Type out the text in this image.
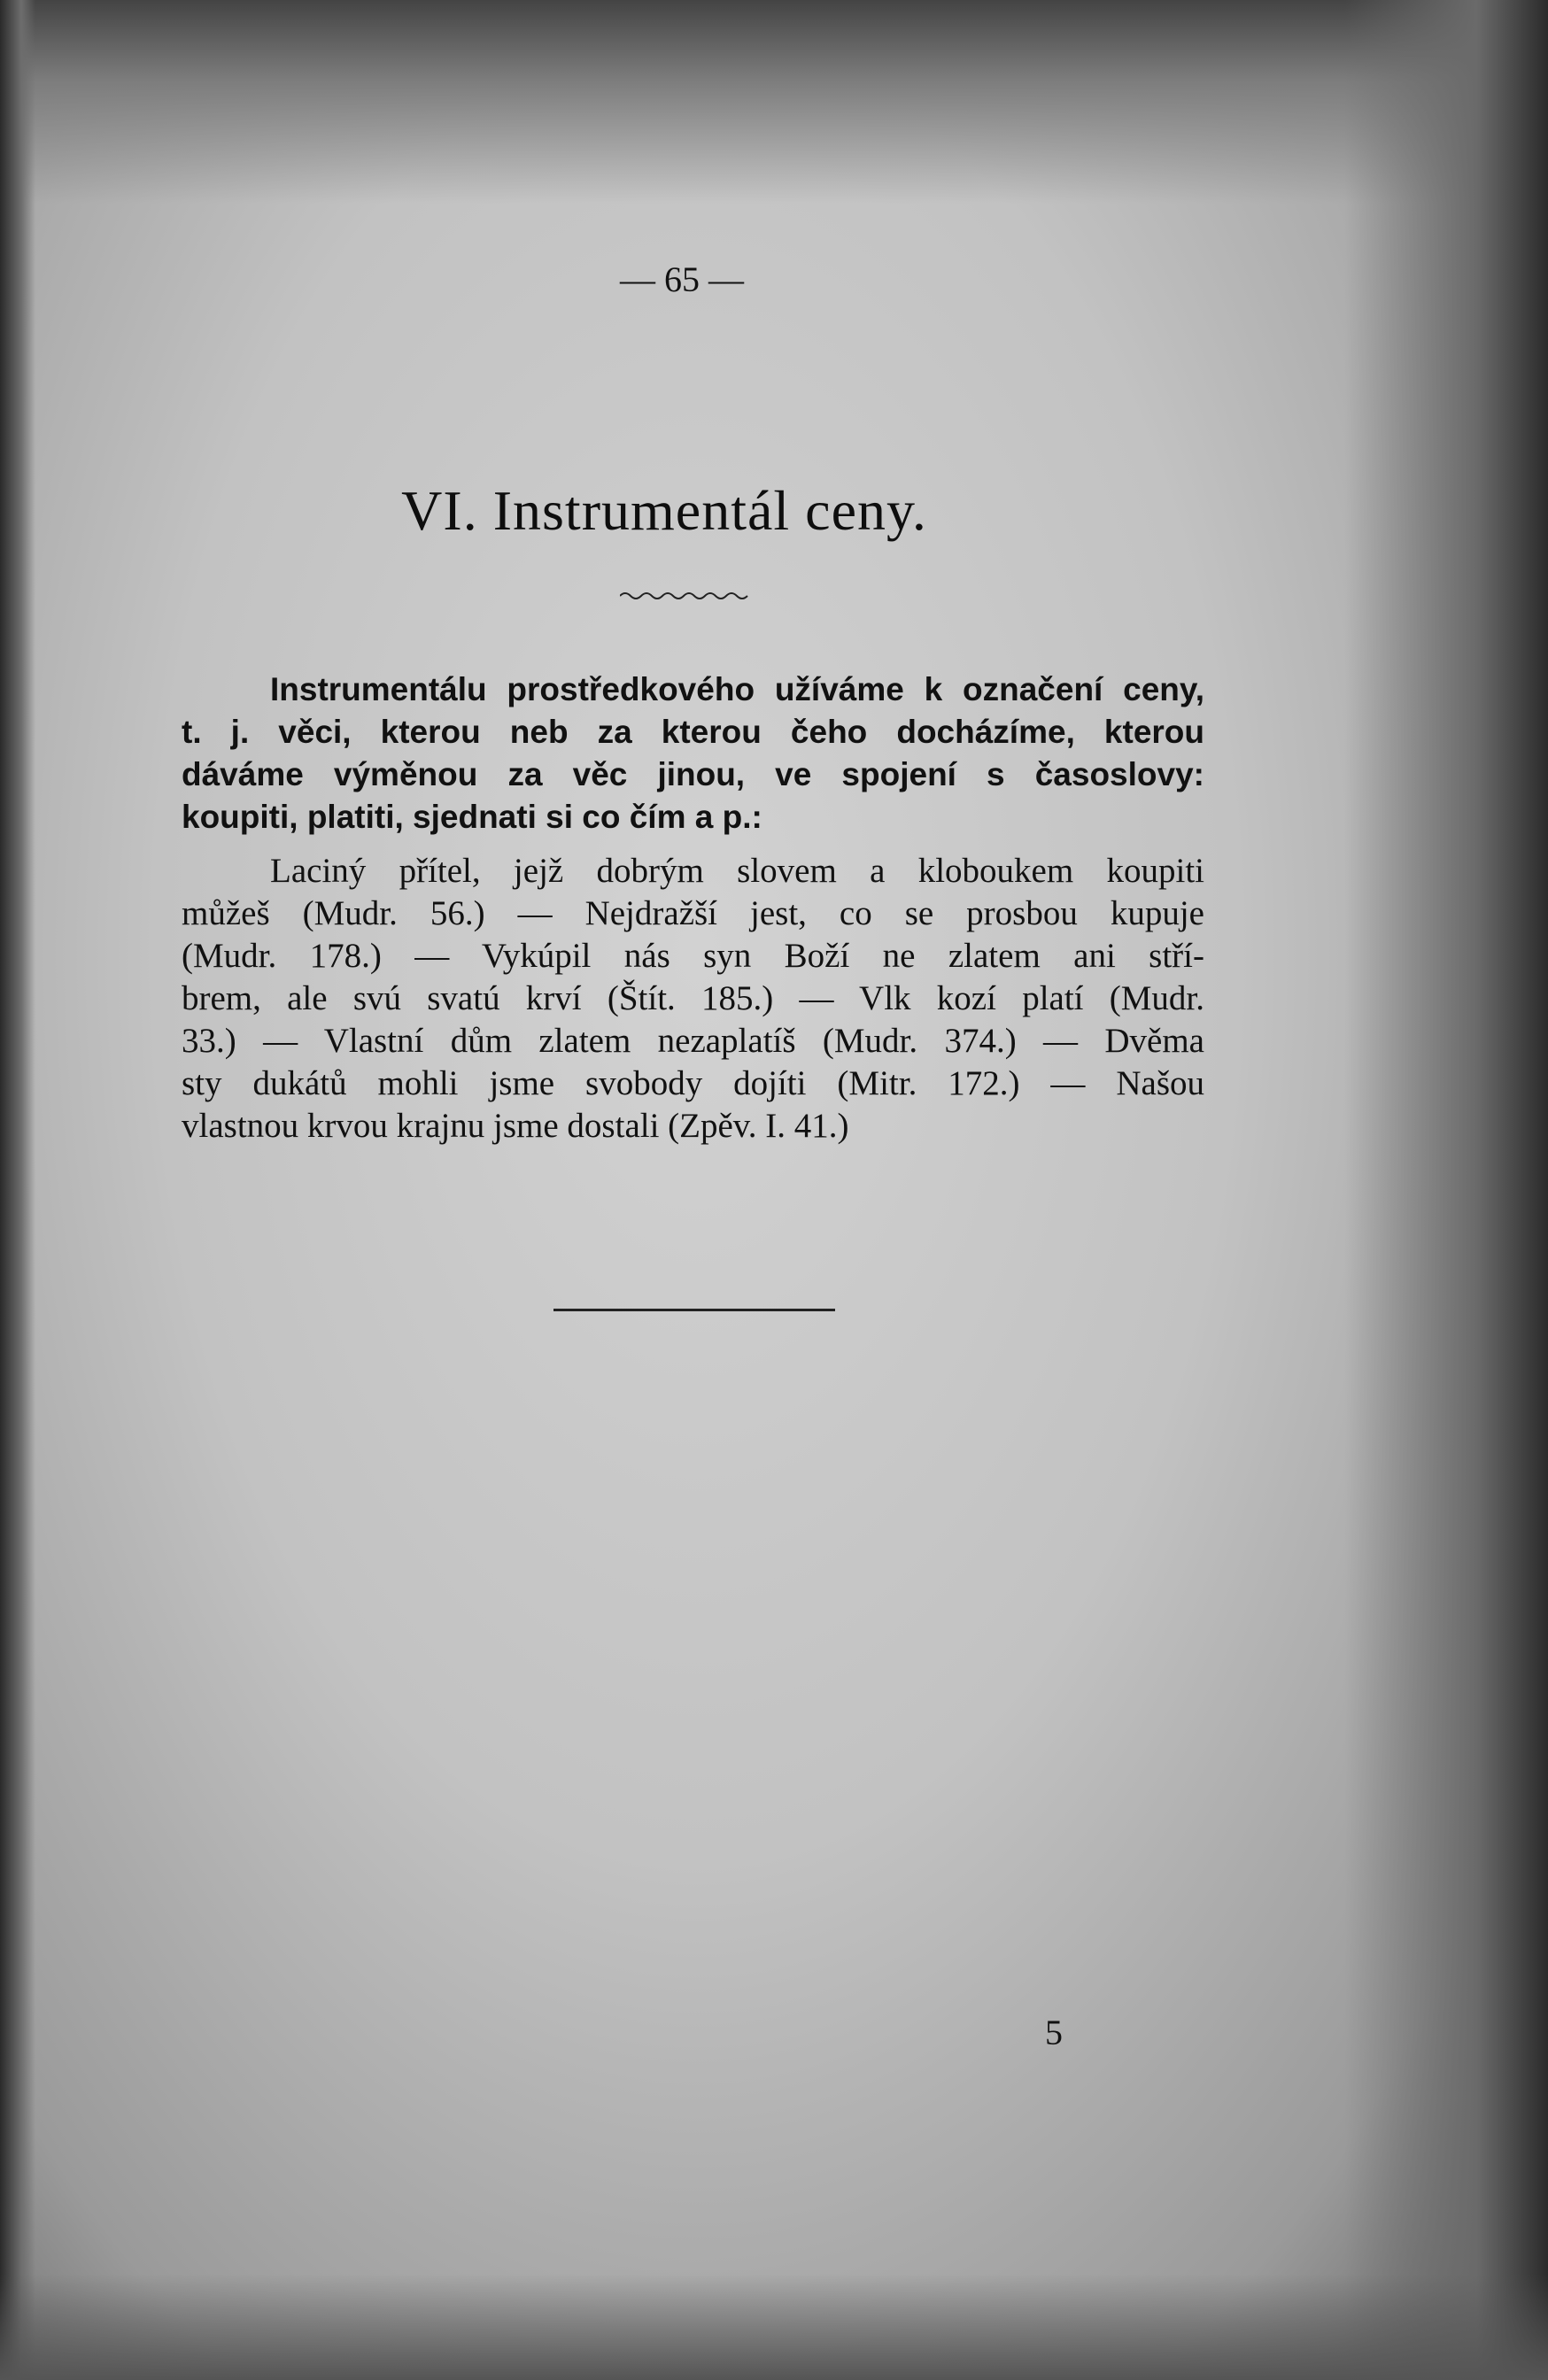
— 65 —
VI. Instrumentál ceny.
Instrumentálu prostředkového užíváme k označení ceny,
t. j. věci, kterou neb za kterou čeho docházíme, kterou
dáváme výměnou za věc jinou, ve spojení s časoslovy:
koupiti, platiti, sjednati si co čím a p.:
Laciný přítel, jejž dobrým slovem a kloboukem koupiti
můžeš (Mudr. 56.) — Nejdražší jest, co se prosbou kupuje
(Mudr. 178.) — Vykúpil nás syn Boží ne zlatem ani stří-
brem, ale svú svatú krví (Štít. 185.) — Vlk kozí platí (Mudr.
33.) — Vlastní dům zlatem nezaplatíš (Mudr. 374.) — Dvěma
sty dukátů mohli jsme svobody dojíti (Mitr. 172.) — Našou
vlastnou krvou krajnu jsme dostali (Zpěv. I. 41.)
5
